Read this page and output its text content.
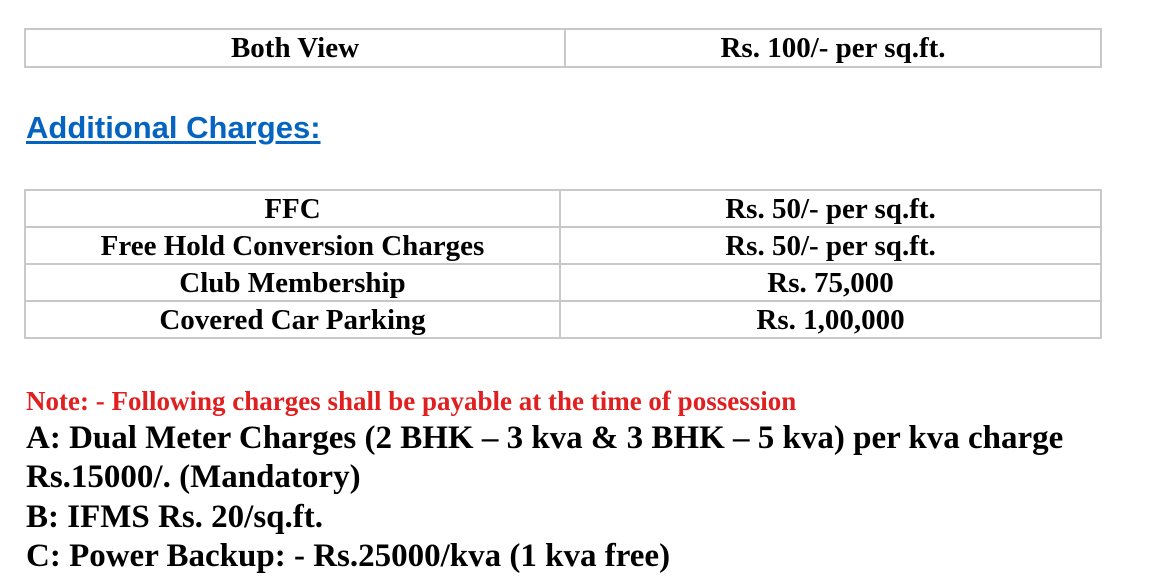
Both View	Rs. 100/- per sq.ft.
Additional Charges:
FFC	Rs. 50/- per sq.ft.
Free Hold Conversion Charges	Rs. 50/- per sq.ft.
Club Membership	Rs. 75,000
Covered Car Parking	Rs. 1,00,000

Note: - Following charges shall be payable at the time of possession

A: Dual Meter Charges (2 BHK – 3 kva & 3 BHK – 5 kva) per kva charge

Rs.15000/. (Mandatory)

B: IFMS Rs. 20/sq.ft.

C: Power Backup: - Rs.25000/kva (1 kva free)
